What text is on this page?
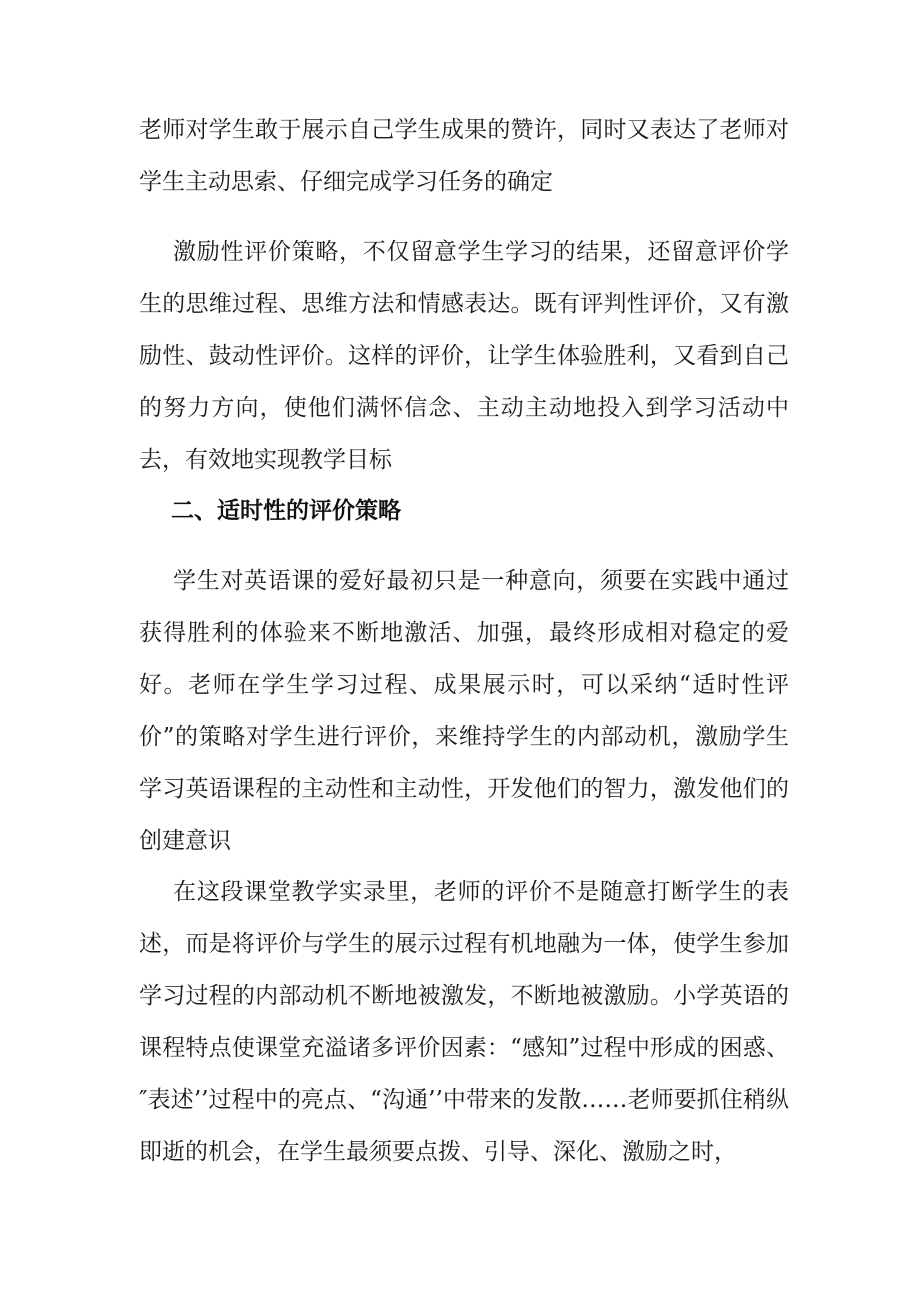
老师对学生敢于展示自己学生成果的赞许，同时又表达了老师对学生主动思索、仔细完成学习任务的确定

激励性评价策略，不仅留意学生学习的结果，还留意评价学生的思维过程、思维方法和情感表达。既有评判性评价，又有激励性、鼓动性评价。这样的评价，让学生体验胜利，又看到自己的努力方向，使他们满怀信念、主动主动地投入到学习活动中去，有效地实现教学目标

二、适时性的评价策略

学生对英语课的爱好最初只是一种意向，须要在实践中通过获得胜利的体验来不断地激活、加强，最终形成相对稳定的爱好。老师在学生学习过程、成果展示时，可以采纳“适时性评价”的策略对学生进行评价，来维持学生的内部动机，激励学生学习英语课程的主动性和主动性，开发他们的智力，激发他们的创建意识

在这段课堂教学实录里，老师的评价不是随意打断学生的表述，而是将评价与学生的展示过程有机地融为一体，使学生参加学习过程的内部动机不断地被激发，不断地被激励。小学英语的课程特点使课堂充溢诸多评价因素：“感知”过程中形成的困惑、″表述’’过程中的亮点、“沟通’’中带来的发散……老师要抓住稍纵即逝的机会，在学生最须要点拨、引导、深化、激励之时，
